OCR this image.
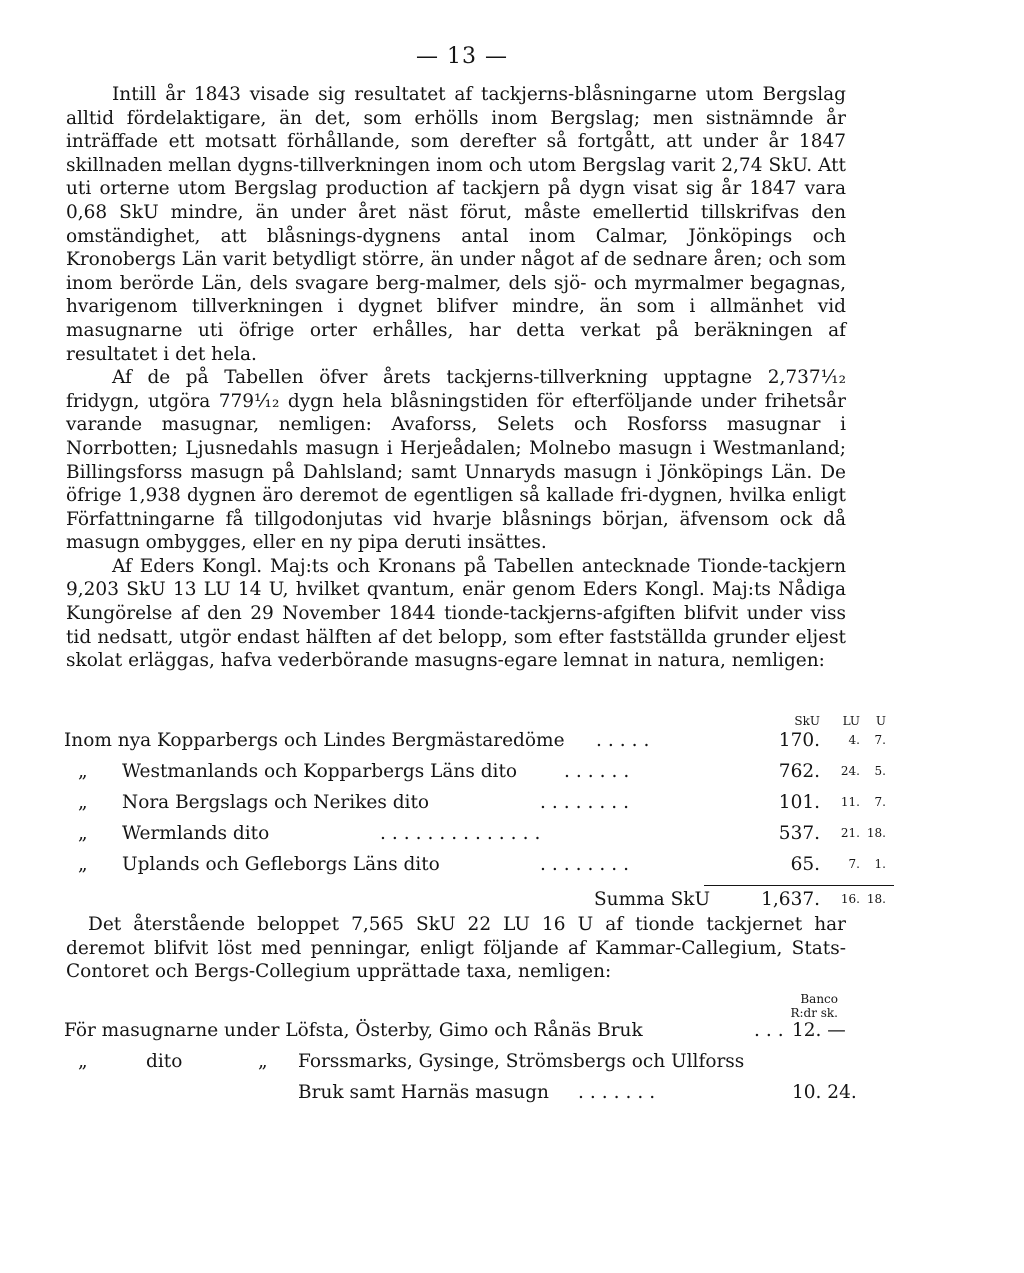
— 13 —

Intill år 1843 visade sig resultatet af tackjerns-blåsningarne utom Bergslag alltid fördelaktigare, än det, som erhölls inom Bergslag; men sistnämnde år inträffade ett motsatt förhållande, som derefter så fortgått, att under år 1847 skillnaden mellan dygns-tillverkningen inom och utom Bergslag varit 2,74 SkU. Att uti orterne utom Bergslag production af tackjern på dygn visat sig år 1847 vara 0,68 SkU mindre, än under året näst förut, måste emellertid tillskrifvas den omständighet, att blåsnings-dygnens antal inom Calmar, Jönköpings och Kronobergs Län varit betydligt större, än under något af de sednare åren; och som inom berörde Län, dels svagare berg-malmer, dels sjö- och myrmalmer begagnas, hvarigenom tillverkningen i dygnet blifver mindre, än som i allmänhet vid masugnarne uti öfrige orter erhålles, har detta verkat på beräkningen af resultatet i det hela.

Af de på Tabellen öfver årets tackjerns-tillverkning upptagne 2,737¹⁄₁₂ fridygn, utgöra 779¹⁄₁₂ dygn hela blåsningstiden för efterföljande under frihetsår varande masugnar, nemligen: Avaforss, Selets och Rosforss masugnar i Norrbotten; Ljusnedahls masugn i Herjeådalen; Molnebo masugn i Westmanland; Billingsforss masugn på Dahlsland; samt Unnaryds masugn i Jönköpings Län. De öfrige 1,938 dygnen äro deremot de egentligen så kallade fri-dygnen, hvilka enligt Författningarne få tillgodonjutas vid hvarje blåsnings början, äfvensom ock då masugn ombygges, eller en ny pipa deruti insättes.

Af Eders Kongl. Maj:ts och Kronans på Tabellen antecknade Tionde-tackjern 9,203 SkU 13 LU 14 U, hvilket qvantum, enär genom Eders Kongl. Maj:ts Nådiga Kungörelse af den 29 November 1844 tionde-tackjerns-afgiften blifvit under viss tid nedsatt, utgör endast hälften af det belopp, som efter fastställda grunder eljest skolat erläggas, hafva vederbörande masugns-egare lemnat in natura, nemligen:

SkU	LU	U
Inom nya Kopparbergs och Lindes Bergmästaredöme .....	170.	4.	7.
„ Westmanlands och Kopparbergs Läns dito	......	762.	24.	5.
„ Nora Bergslags och Nerikes dito	........	101.	11.	7.
„ Wermlands dito	..............	537.	21. 18.
„ Uplands och Gefleborgs Läns dito	........	65.	7.	1.
Summa SkU	1,637.	16. 18.

Det återstående beloppet 7,565 SkU 22 LU 16 U af tionde tackjernet har deremot blifvit löst med penningar, enligt följande af Kammar-Callegium, Stats-Contoret och Bergs-Collegium upprättade taxa, nemligen:

Banco
R:dr sk.
För masugnarne under Löfsta, Österby, Gimo och Rånäs Bruk	... 12. —
„	dito	„ Forssmarks, Gysinge, Strömsbergs och Ullforss
Bruk samt Harnäs masugn .......	10. 24.
